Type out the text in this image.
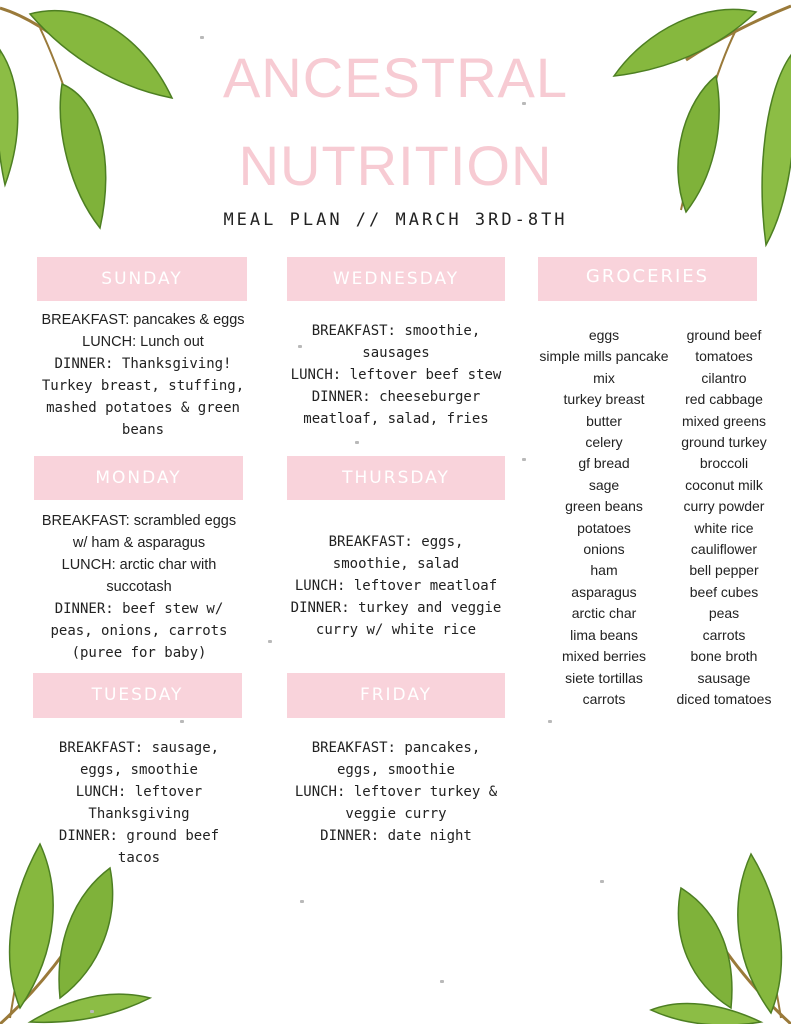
ANCESTRAL
NUTRITION
MEAL PLAN // MARCH 3RD-8TH
SUNDAY
BREAKFAST: pancakes & eggs
LUNCH: Lunch out
DINNER: Thanksgiving!
Turkey breast, stuffing,
mashed potatoes & green
beans
MONDAY
BREAKFAST: scrambled eggs
w/ ham & asparagus
LUNCH: arctic char with
succotash
DINNER: beef stew w/
peas, onions, carrots
(puree for baby)
TUESDAY
BREAKFAST: sausage,
eggs, smoothie
LUNCH: leftover
Thanksgiving
DINNER: ground beef
tacos
WEDNESDAY
BREAKFAST: smoothie,
sausages
LUNCH: leftover beef stew
DINNER: cheeseburger
meatloaf, salad, fries
THURSDAY
BREAKFAST: eggs,
smoothie, salad
LUNCH: leftover meatloaf
DINNER: turkey and veggie
curry w/ white rice
FRIDAY
BREAKFAST: pancakes,
eggs, smoothie
LUNCH: leftover turkey &
veggie curry
DINNER: date night
GROCERIES
eggs
simple mills pancake
mix
turkey breast
butter
celery
gf bread
sage
green beans
potatoes
onions
ham
asparagus
arctic char
lima beans
mixed berries
siete tortillas
carrots
ground beef
tomatoes
cilantro
red cabbage
mixed greens
ground turkey
broccoli
coconut milk
curry powder
white rice
cauliflower
bell pepper
beef cubes
peas
carrots
bone broth
sausage
diced tomatoes
